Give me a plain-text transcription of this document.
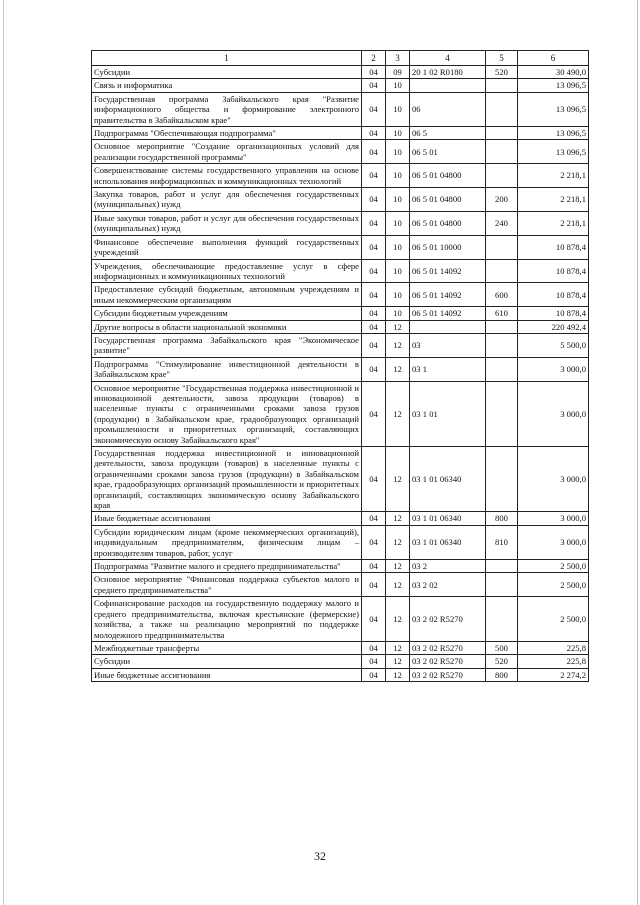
1	2	3	4	5	6
Субсидии	04	09	20 1 02 R0180	520	30 490,0
Связь и информатика	04	10			13 096,5
Государственная программа Забайкальского края "Развитие информационного общества и формирование электронного правительства в Забайкальском крае"	04	10	06		13 096,5
Подпрограмма "Обеспечивающая подпрограмма"	04	10	06 5		13 096,5
Основное мероприятие "Создание организационных условий для реализации государственной программы"	04	10	06 5 01		13 096,5
Совершенствование системы государственного управления на основе использования информационных и коммуникационных технологий	04	10	06 5 01 04800		2 218,1
Закупка товаров, работ и услуг для обеспечения государственных (муниципальных) нужд	04	10	06 5 01 04800	200	2 218,1
Иные закупки товаров, работ и услуг для обеспечения государственных (муниципальных) нужд	04	10	06 5 01 04800	240	2 218,1
Финансовое обеспечение выполнения функций государственных учреждений	04	10	06 5 01 10000		10 878,4
Учреждения, обеспечивающие предоставление услуг в сфере информационных и коммуникационных технологий	04	10	06 5 01 14092		10 878,4
Предоставление субсидий бюджетным, автономным учреждениям и иным некоммерческим организациям	04	10	06 5 01 14092	600	10 878,4
Субсидии бюджетным учреждениям	04	10	06 5 01 14092	610	10 878,4
Другие вопросы в области национальной экономики	04	12			220 492,4
Государственная программа Забайкальского края "Экономическое развитие"	04	12	03		5 500,0
Подпрограмма "Стимулирование инвестиционной деятельности в Забайкальском крае"	04	12	03 1		3 000,0
Основное мероприятие "Государственная поддержка инвестиционной и инновационной деятельности, завоза продукции (товаров) в населенные пункты с ограниченными сроками завоза грузов (продукции) в Забайкальском крае, градообразующих организаций промышленности и приоритетных организаций, составляющих экономическую основу Забайкальского края"	04	12	03 1 01		3 000,0
Государственная поддержка инвестиционной и инновационной деятельности, завоза продукции (товаров) в населенные пункты с ограниченными сроками завоза грузов (продукции) в Забайкальском крае, градообразующих организаций промышленности и приоритетных организаций, составляющих экономическую основу Забайкальского края	04	12	03 1 01 06340		3 000,0
Иные бюджетные ассигнования	04	12	03 1 01 06340	800	3 000,0
Субсидии юридическим лицам (кроме некоммерческих организаций), индивидуальным предпринимателям, физическим лицам – производителям товаров, работ, услуг	04	12	03 1 01 06340	810	3 000,0
Подпрограмма "Развитие малого и среднего предпринимательства"	04	12	03 2		2 500,0
Основное мероприятие "Финансовая поддержка субъектов малого и среднего предпринимательства"	04	12	03 2 02		2 500,0
Софинансирование расходов на государственную поддержку малого и среднего предпринимательства, включая крестьянские (фермерские) хозяйства, а также на реализацию мероприятий по поддержке молодежного предпринимательства	04	12	03 2 02 R5270		2 500,0
Межбюджетные трансферты	04	12	03 2 02 R5270	500	225,8
Субсидии	04	12	03 2 02 R5270	520	225,8
Иные бюджетные ассигнования	04	12	03 2 02 R5270	800	2 274,2
32
